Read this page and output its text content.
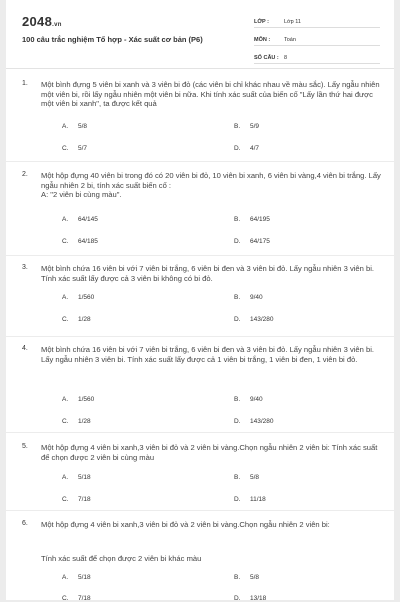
2048.vn
100 câu trắc nghiệm Tổ hợp - Xác suất cơ bản (P6)
LỚP :	Lớp 11
MÔN :	Toán
SỐ CÂU : 8
1. Một bình đựng 5 viên bi xanh và 3 viên bi đỏ (các viên bi chỉ khác nhau về màu sắc). Lấy ngẫu nhiên một viên bi, rồi lấy ngẫu nhiên một viên bi nữa. Khi tính xác suất của biến cố "Lấy lần thứ hai được một viên bi xanh", ta được kết quả
A. 5/8	B. 5/9
C. 5/7	D. 4/7
2. Một hộp đựng 40 viên bi trong đó có 20 viên bi đỏ, 10 viên bi xanh, 6 viên bi vàng,4 viên bi trắng. Lấy ngẫu nhiên 2 bi, tính xác suất biến cố :
A: "2 viên bi cùng màu".
A. 64/145	B. 64/195
C. 64/185	D. 64/175
3. Một bình chứa 16 viên bi với 7 viên bi trắng, 6 viên bi đen và 3 viên bi đỏ. Lấy ngẫu nhiên 3 viên bi. Tính xác suất lấy được cả 3 viên bi không có bi đỏ.
A. 1/560	B. 9/40
C. 1/28	D. 143/280
4. Một bình chứa 16 viên bi với 7 viên bi trắng, 6 viên bi đen và 3 viên bi đỏ. Lấy ngẫu nhiên 3 viên bi. Lấy ngẫu nhiên 3 viên bi. Tính xác suất lấy được cả 1 viên bi trắng, 1 viên bi đen, 1 viên bi đỏ.
A. 1/560	B. 9/40
C. 1/28	D. 143/280
5. Một hộp đựng 4 viên bi xanh,3 viên bi đỏ và 2 viên bi vàng.Chọn ngẫu nhiên 2 viên bi: Tính xác suất để chọn được 2 viên bi cùng màu
A. 5/18	B. 5/8
C. 7/18	D. 11/18
6. Một hộp đựng 4 viên bi xanh,3 viên bi đỏ và 2 viên bi vàng.Chọn ngẫu nhiên 2 viên bi:
Tính xác suất để chọn được 2 viên bi khác màu
A. 5/18	B. 5/8
C. 7/18	D. 13/18
